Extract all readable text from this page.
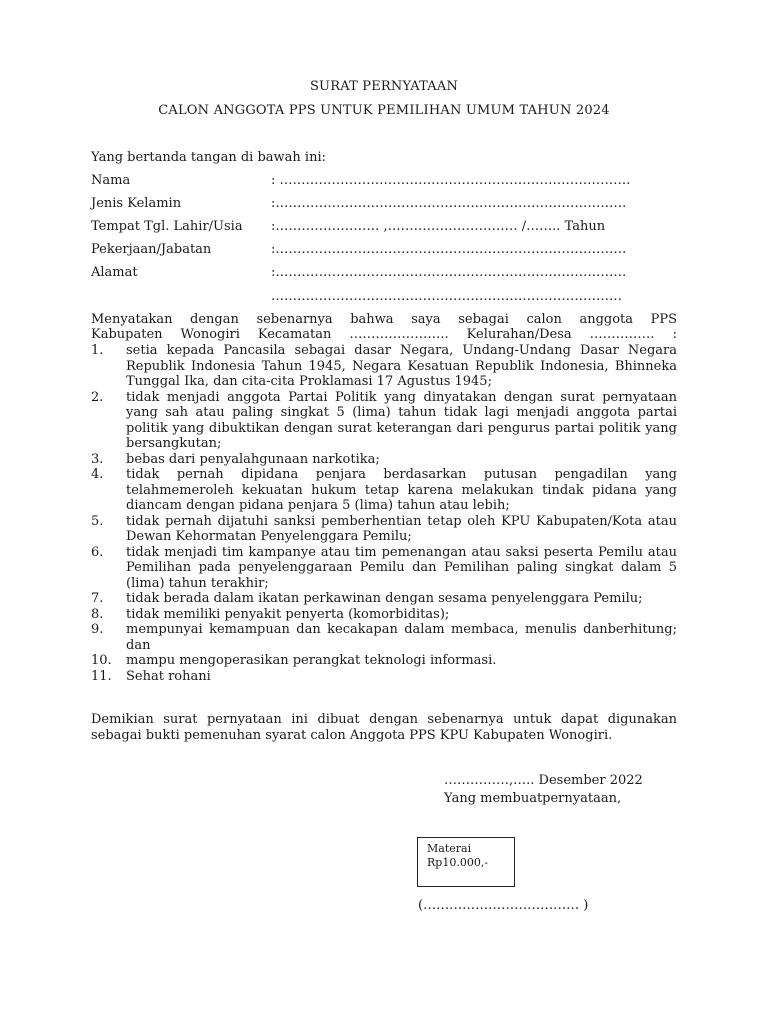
SURAT PERNYATAAN
CALON ANGGOTA PPS UNTUK PEMILIHAN UMUM TAHUN 2024
Yang bertanda tangan di bawah ini:
Nama	: ………………………………………………………………………
Jenis Kelamin	:………………………………………………………………………
Tempat Tgl. Lahir/Usia :…………………… ,………………………… /…….. Tahun
Pekerjaan/Jabatan	:………………………………………………………………………
Alamat	:………………………………………………………………………
………………………………………………………………………
Menyatakan dengan sebenarnya bahwa saya sebagai calon anggota PPS
Kabupaten Wonogiri Kecamatan ………………….. Kelurahan/Desa …………… :
1. setia kepada Pancasila sebagai dasar Negara, Undang-Undang Dasar Negara Republik Indonesia Tahun 1945, Negara Kesatuan Republik Indonesia, Bhinneka Tunggal Ika, dan cita-cita Proklamasi 17 Agustus 1945;
2. tidak menjadi anggota Partai Politik yang dinyatakan dengan surat pernyataan yang sah atau paling singkat 5 (lima) tahun tidak lagi menjadi anggota partai politik yang dibuktikan dengan surat keterangan dari pengurus partai politik yang bersangkutan;
3. bebas dari penyalahgunaan narkotika;
4. tidak pernah dipidana penjara berdasarkan putusan pengadilan yang telahmemeroleh kekuatan hukum tetap karena melakukan tindak pidana yang diancam dengan pidana penjara 5 (lima) tahun atau lebih;
5. tidak pernah dijatuhi sanksi pemberhentian tetap oleh KPU Kabupaten/Kota atau Dewan Kehormatan Penyelenggara Pemilu;
6. tidak menjadi tim kampanye atau tim pemenangan atau saksi peserta Pemilu atau Pemilihan pada penyelenggaraan Pemilu dan Pemilihan paling singkat dalam 5 (lima) tahun terakhir;
7. tidak berada dalam ikatan perkawinan dengan sesama penyelenggara Pemilu;
8. tidak memiliki penyakit penyerta (komorbiditas);
9. mempunyai kemampuan dan kecakapan dalam membaca, menulis danberhitung; dan
10. mampu mengoperasikan perangkat teknologi informasi.
11. Sehat rohani
Demikian surat pernyataan ini dibuat dengan sebenarnya untuk dapat digunakan sebagai bukti pemenuhan syarat calon Anggota PPS KPU Kabupaten Wonogiri.
……………,….. Desember 2022
Yang membuatpernyataan,
Materai
Rp10.000,-
(……………………………… )
